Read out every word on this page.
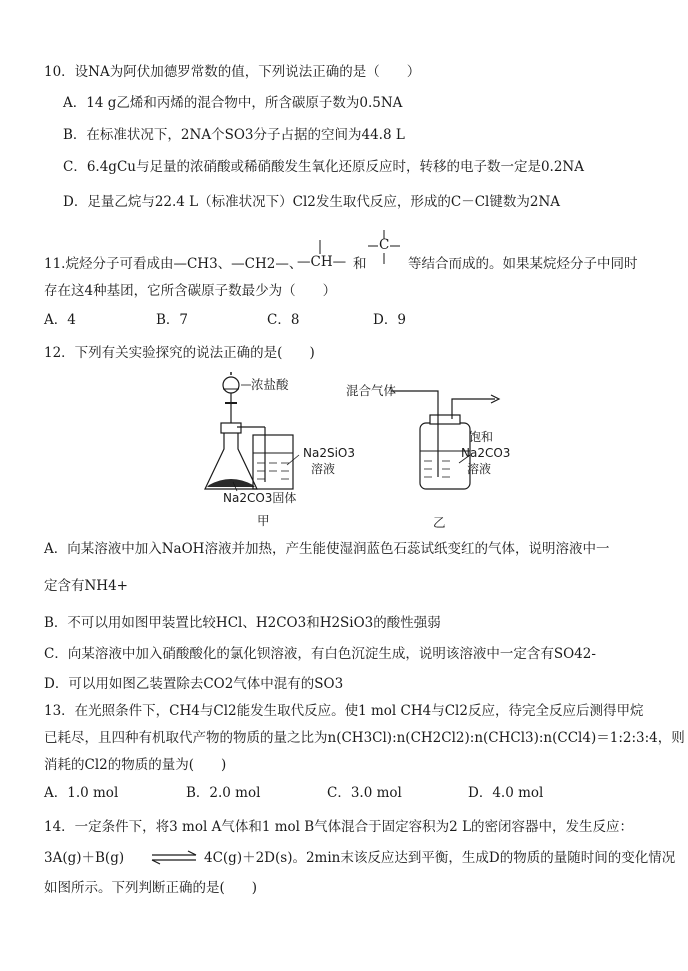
10．设NA为阿伏加德罗常数的值，下列说法正确的是（　　）
A．14 g乙烯和丙烯的混合物中，所含碳原子数为0.5NA
B．在标准状况下，2NA个SO3分子占据的空间为44.8 L
C．6.4gCu与足量的浓硝酸或稀硝酸发生氧化还原反应时，转移的电子数一定是0.2NA
D．足量乙烷与22.4 L（标准状况下）Cl2发生取代反应，形成的C－Cl键数为2NA
11.烷烃分子可看成由—CH3、—CH2—、
—CH— 和
C
等结合而成的。如果某烷烃分子中同时
存在这4种基团，它所含碳原子数最少为（　　）
A．4	B．7	C．8	D．9
12．下列有关实验探究的说法正确的是(　　)
浓盐酸
Na2SiO3
溶液
Na2CO3固体
甲
混合气体
饱和
Na2CO3
溶液
乙
A．向某溶液中加入NaOH溶液并加热，产生能使湿润蓝色石蕊试纸变红的气体，说明溶液中一
定含有NH4+
B．不可以用如图甲装置比较HCl、H2CO3和H2SiO3的酸性强弱
C．向某溶液中加入硝酸酸化的氯化钡溶液，有白色沉淀生成，说明该溶液中一定含有SO42-
D．可以用如图乙装置除去CO2气体中混有的SO3
13．在光照条件下，CH4与Cl2能发生取代反应。使1 mol CH4与Cl2反应，待完全反应后测得甲烷
已耗尽，且四种有机取代产物的物质的量之比为n(CH3Cl):n(CH2Cl2):n(CHCl3):n(CCl4)＝1:2:3:4，则
消耗的Cl2的物质的量为(　　)
A．1.0 mol	B．2.0 mol	C．3.0 mol	D．4.0 mol
14．一定条件下，将3 mol A气体和1 mol B气体混合于固定容积为2 L的密闭容器中，发生反应：
3A(g)＋B(g) ⇌ 4C(g)＋2D(s)。2min末该反应达到平衡，生成D的物质的量随时间的变化情况
如图所示。下列判断正确的是(　　)
